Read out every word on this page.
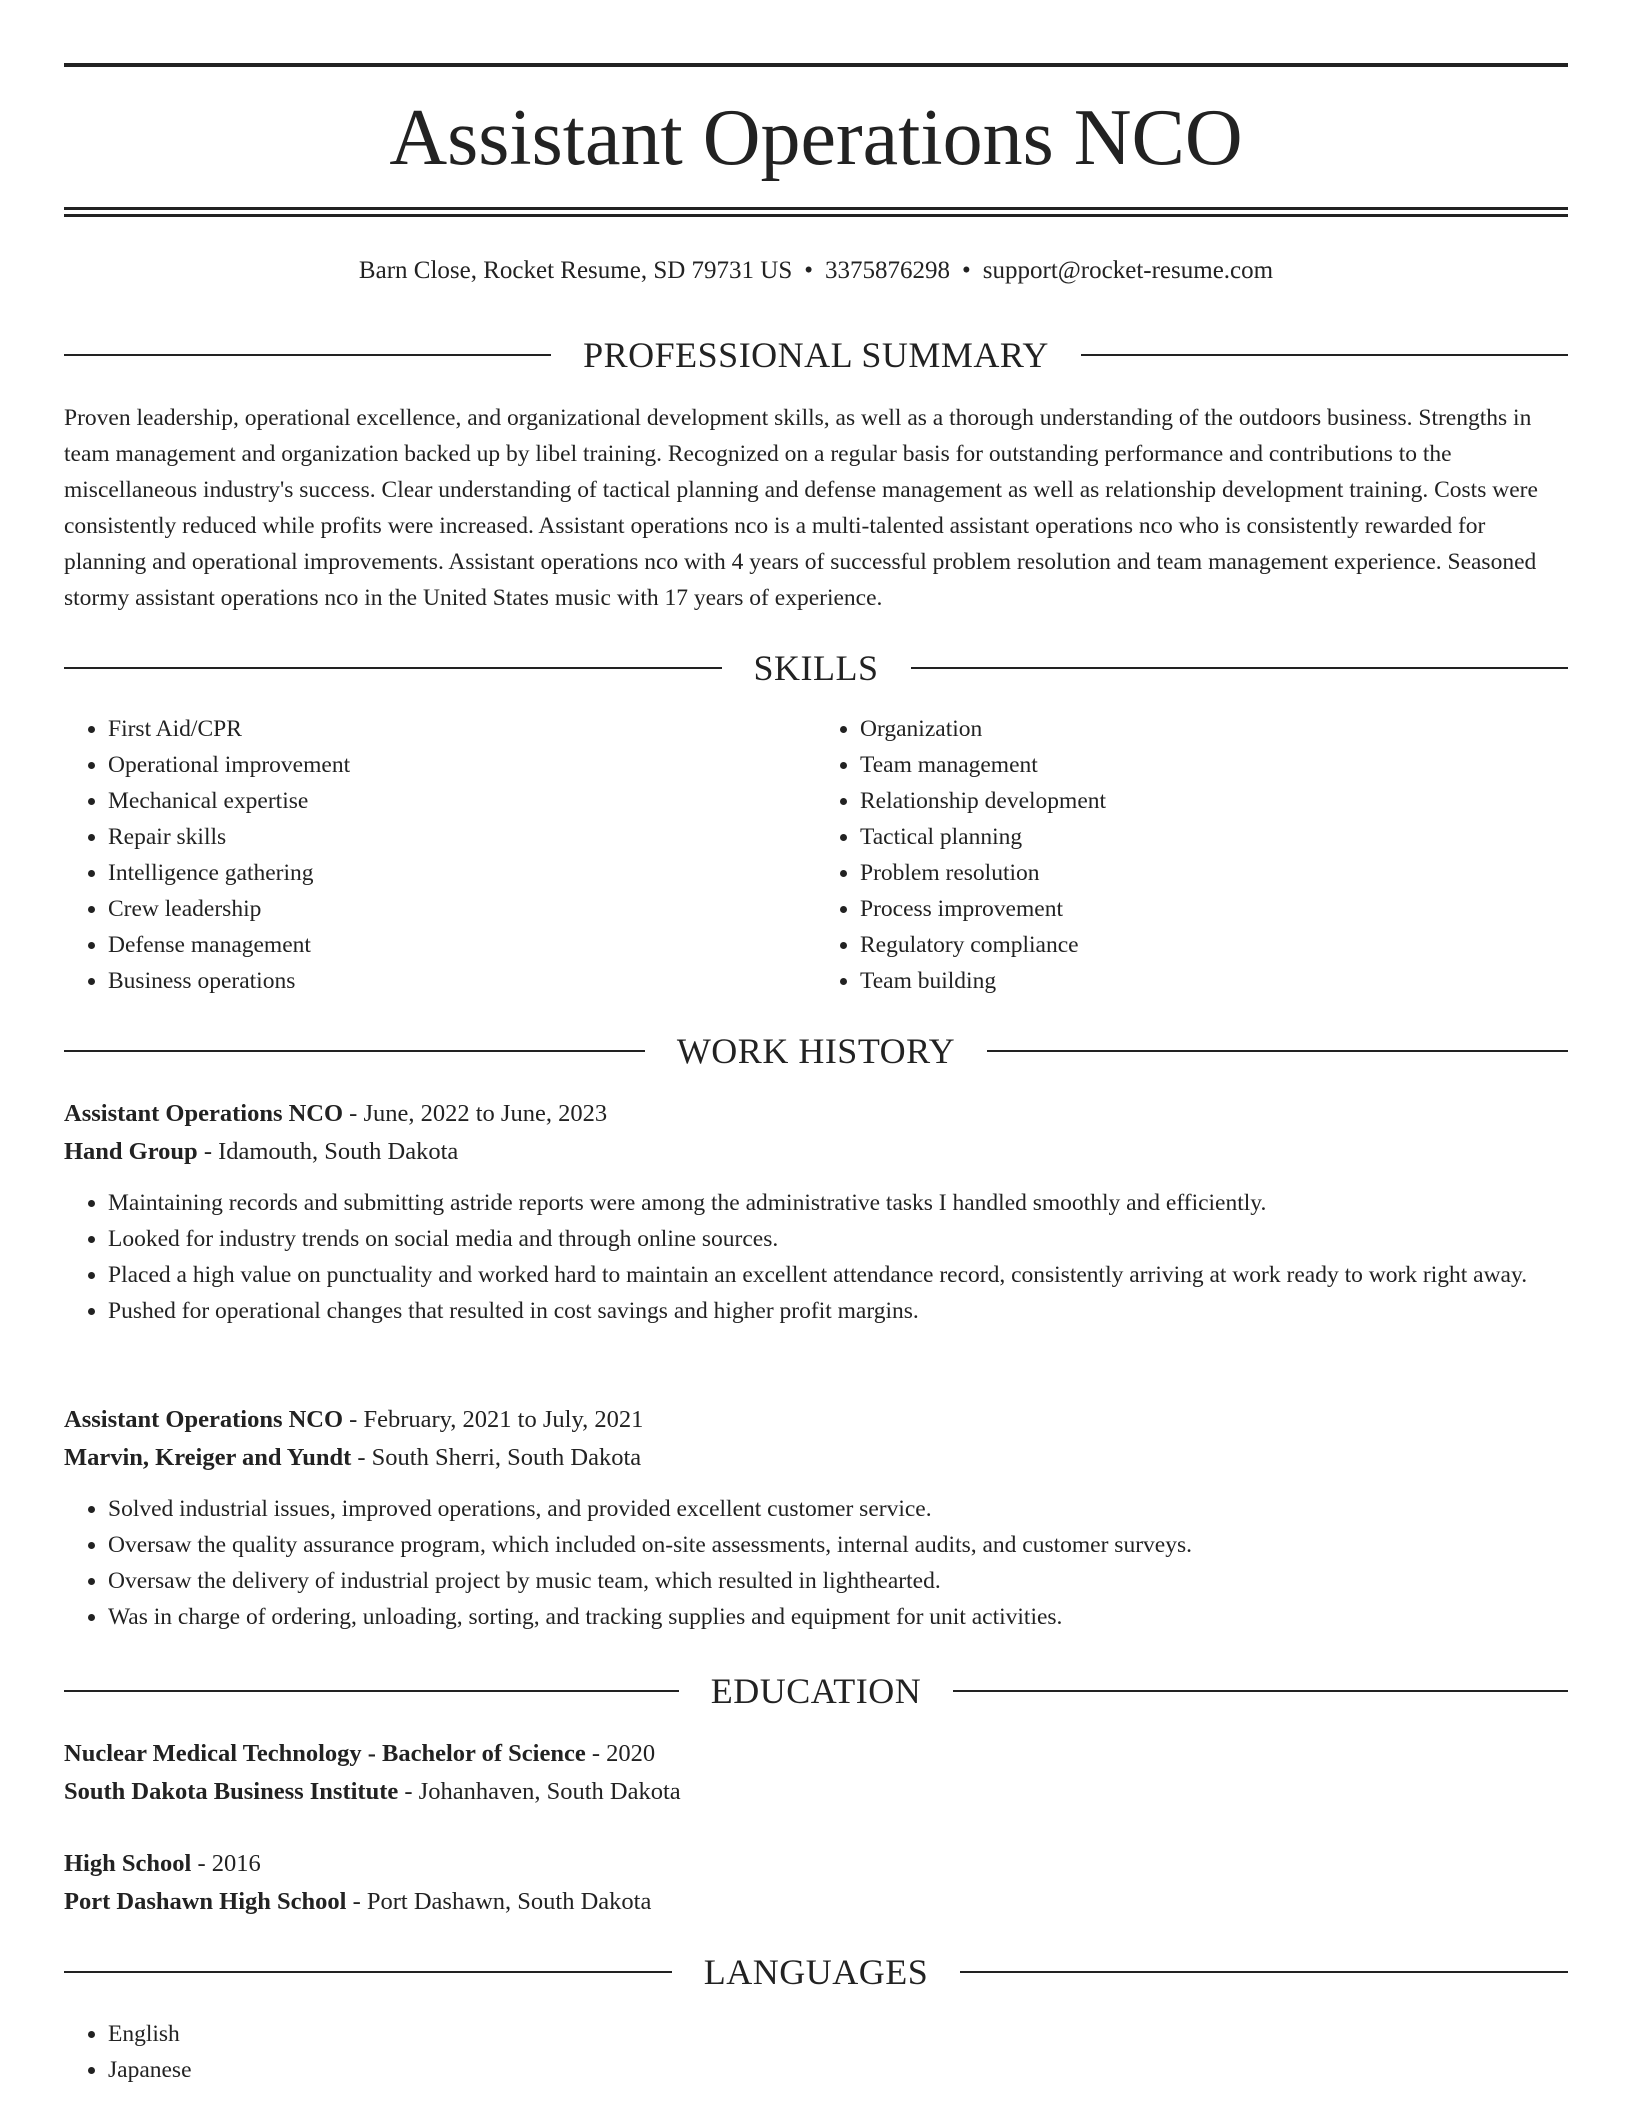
Assistant Operations NCO
Barn Close, Rocket Resume, SD 79731 US • 3375876298 • support@rocket-resume.com
PROFESSIONAL SUMMARY

Proven leadership, operational excellence, and organizational development skills, as well as a thorough understanding of the outdoors business. Strengths in team management and organization backed up by libel training. Recognized on a regular basis for outstanding performance and contributions to the miscellaneous industry's success. Clear understanding of tactical planning and defense management as well as relationship development training. Costs were consistently reduced while profits were increased. Assistant operations nco is a multi-talented assistant operations nco who is consistently rewarded for planning and operational improvements. Assistant operations nco with 4 years of successful problem resolution and team management experience. Seasoned stormy assistant operations nco in the United States music with 17 years of experience.

SKILLS
• First Aid/CPR
• Operational improvement
• Mechanical expertise
• Repair skills
• Intelligence gathering
• Crew leadership
• Defense management
• Business operations
• Organization
• Team management
• Relationship development
• Tactical planning
• Problem resolution
• Process improvement
• Regulatory compliance
• Team building
WORK HISTORY
Assistant Operations NCO - June, 2022 to June, 2023
Hand Group - Idamouth, South Dakota
• Maintaining records and submitting astride reports were among the administrative tasks I handled smoothly and efficiently.
• Looked for industry trends on social media and through online sources.
• Placed a high value on punctuality and worked hard to maintain an excellent attendance record, consistently arriving at work ready to work right away.
• Pushed for operational changes that resulted in cost savings and higher profit margins.
Assistant Operations NCO - February, 2021 to July, 2021
Marvin, Kreiger and Yundt - South Sherri, South Dakota
• Solved industrial issues, improved operations, and provided excellent customer service.
• Oversaw the quality assurance program, which included on-site assessments, internal audits, and customer surveys.
• Oversaw the delivery of industrial project by music team, which resulted in lighthearted.
• Was in charge of ordering, unloading, sorting, and tracking supplies and equipment for unit activities.
EDUCATION
Nuclear Medical Technology - Bachelor of Science - 2020
South Dakota Business Institute - Johanhaven, South Dakota
High School - 2016
Port Dashawn High School - Port Dashawn, South Dakota
LANGUAGES
• English
• Japanese
